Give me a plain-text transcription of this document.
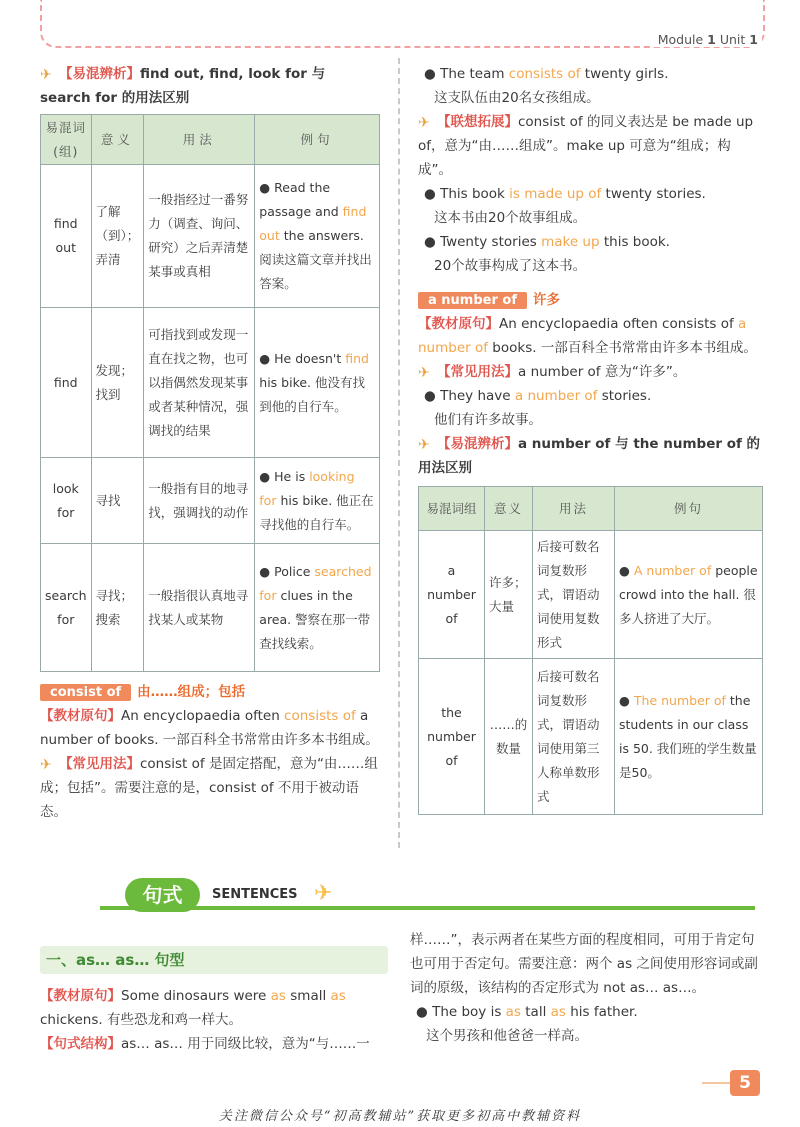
Module 1 Unit 1
✈ 【易混辨析】find out, find, look for 与 search for 的用法区别
易混词(组)	意义	用法	例句
find out	了解（到）；弄清	一般指经过一番努力（调查、询问、研究）之后弄清楚某事或真相	● Read the passage and find out the answers. 阅读这篇文章并找出答案。
find	发现；找到	可指找到或发现一直在找之物，也可以指偶然发现某事或者某种情况，强调找的结果	● He doesn't find his bike. 他没有找到他的自行车。
look for	寻找	一般指有目的地寻找，强调找的动作	● He is looking for his bike. 他正在寻找他的自行车。
search for	寻找；搜索	一般指很认真地寻找某人或某物	● Police searched for clues in the area. 警察在那一带查找线索。
consist of 由……组成；包括
【教材原句】An encyclopaedia often consists of a number of books. 一部百科全书常常由许多本书组成。
✈ 【常见用法】consist of 是固定搭配，意为“由……组成；包括”。需要注意的是，consist of 不用于被动语态。
● The team consists of twenty girls.
这支队伍由20名女孩组成。
✈ 【联想拓展】consist of 的同义表达是 be made up of，意为“由……组成”。make up 可意为“组成；构成”。
● This book is made up of twenty stories.
这本书由20个故事组成。
● Twenty stories make up this book.
20个故事构成了这本书。
a number of 许多
【教材原句】An encyclopaedia often consists of a number of books. 一部百科全书常常由许多本书组成。
✈ 【常见用法】a number of 意为“许多”。
● They have a number of stories.
他们有许多故事。
✈ 【易混辨析】a number of 与 the number of 的用法区别
易混词组	意义	用法	例句
a number of	许多；大量	后接可数名词复数形式，谓语动词使用复数形式	● A number of people crowd into the hall. 很多人挤进了大厅。
the number of	……的数量	后接可数名词复数形式，谓语动词使用第三人称单数形式	● The number of the students in our class is 50. 我们班的学生数量是50。
句式	SENTENCES ✈
一、as… as… 句型
【教材原句】Some dinosaurs were as small as chickens. 有些恐龙和鸡一样大。
【句式结构】as… as… 用于同级比较，意为“与……一
样……”，表示两者在某些方面的程度相同，可用于肯定句也可用于否定句。需要注意：两个 as 之间使用形容词或副词的原级，该结构的否定形式为 not as… as…。
● The boy is as tall as his father.
这个男孩和他爸爸一样高。
5
关注微信公众号“初高教辅站”获取更多初高中教辅资料
